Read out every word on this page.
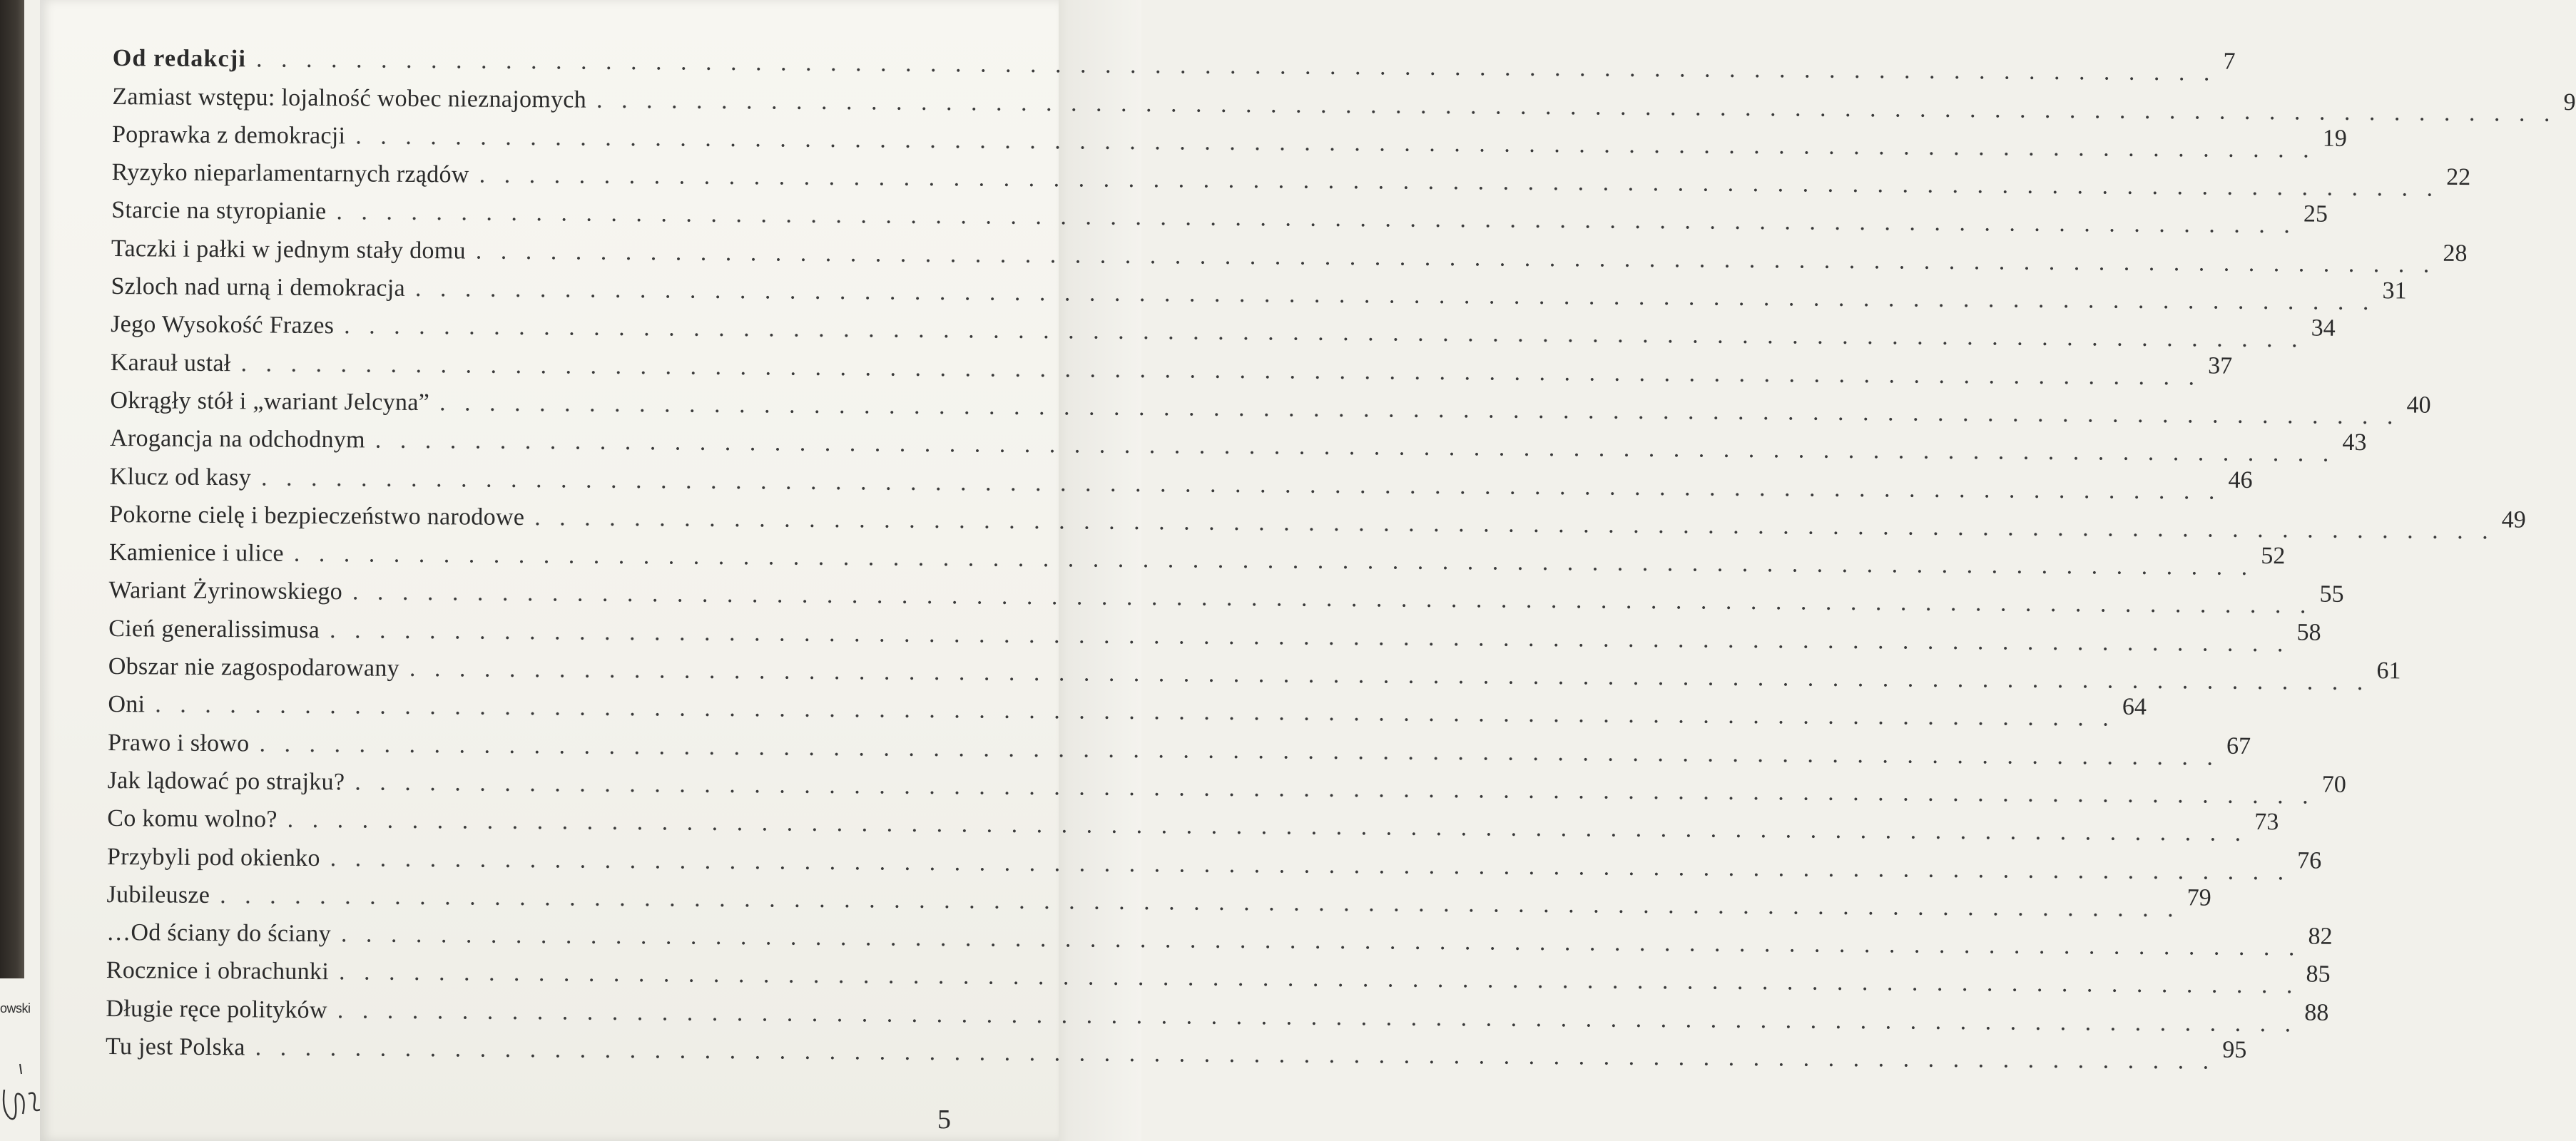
owski
Od redakcji . . . . . . . . . . . . . . . . . . . . . . . . . . . . . . . . . . . . . . . . . . . . . . . . . . . . . . . . . . . . . . . . . . . . . . . . . . . . . . . 7
Zamiast wstępu: lojalność wobec nieznajomych . . . . . . . . . . . . . . . . . . . . . . . . . . . . . . . . . . . . . . . . . . . . . . . . . . . . . . . . . . . . . . . . . . . . . . . . . . . . . . . 9
Poprawka z demokracji . . . . . . . . . . . . . . . . . . . . . . . . . . . . . . . . . . . . . . . . . . . . . . . . . . . . . . . . . . . . . . . . . . . . . . . . . . . . . . . 19
Ryzyko nieparlamentarnych rządów . . . . . . . . . . . . . . . . . . . . . . . . . . . . . . . . . . . . . . . . . . . . . . . . . . . . . . . . . . . . . . . . . . . . . . . . . . . . . . . 22
Starcie na styropianie . . . . . . . . . . . . . . . . . . . . . . . . . . . . . . . . . . . . . . . . . . . . . . . . . . . . . . . . . . . . . . . . . . . . . . . . . . . . . . . 25
Taczki i pałki w jednym stały domu . . . . . . . . . . . . . . . . . . . . . . . . . . . . . . . . . . . . . . . . . . . . . . . . . . . . . . . . . . . . . . . . . . . . . . . . . . . . . . . 28
Szloch nad urną i demokracja . . . . . . . . . . . . . . . . . . . . . . . . . . . . . . . . . . . . . . . . . . . . . . . . . . . . . . . . . . . . . . . . . . . . . . . . . . . . . . . 31
Jego Wysokość Frazes . . . . . . . . . . . . . . . . . . . . . . . . . . . . . . . . . . . . . . . . . . . . . . . . . . . . . . . . . . . . . . . . . . . . . . . . . . . . . . . 34
Karauł ustał . . . . . . . . . . . . . . . . . . . . . . . . . . . . . . . . . . . . . . . . . . . . . . . . . . . . . . . . . . . . . . . . . . . . . . . . . . . . . . . 37
Okrągły stół i „wariant Jelcyna” . . . . . . . . . . . . . . . . . . . . . . . . . . . . . . . . . . . . . . . . . . . . . . . . . . . . . . . . . . . . . . . . . . . . . . . . . . . . . . . 40
Arogancja na odchodnym . . . . . . . . . . . . . . . . . . . . . . . . . . . . . . . . . . . . . . . . . . . . . . . . . . . . . . . . . . . . . . . . . . . . . . . . . . . . . . . 43
Klucz od kasy . . . . . . . . . . . . . . . . . . . . . . . . . . . . . . . . . . . . . . . . . . . . . . . . . . . . . . . . . . . . . . . . . . . . . . . . . . . . . . . 46
Pokorne cielę i bezpieczeństwo narodowe . . . . . . . . . . . . . . . . . . . . . . . . . . . . . . . . . . . . . . . . . . . . . . . . . . . . . . . . . . . . . . . . . . . . . . . . . . . . . . . 49
Kamienice i ulice . . . . . . . . . . . . . . . . . . . . . . . . . . . . . . . . . . . . . . . . . . . . . . . . . . . . . . . . . . . . . . . . . . . . . . . . . . . . . . . 52
Wariant Żyrinowskiego . . . . . . . . . . . . . . . . . . . . . . . . . . . . . . . . . . . . . . . . . . . . . . . . . . . . . . . . . . . . . . . . . . . . . . . . . . . . . . . 55
Cień generalissimusa . . . . . . . . . . . . . . . . . . . . . . . . . . . . . . . . . . . . . . . . . . . . . . . . . . . . . . . . . . . . . . . . . . . . . . . . . . . . . . . 58
Obszar nie zagospodarowany . . . . . . . . . . . . . . . . . . . . . . . . . . . . . . . . . . . . . . . . . . . . . . . . . . . . . . . . . . . . . . . . . . . . . . . . . . . . . . . 61
Oni . . . . . . . . . . . . . . . . . . . . . . . . . . . . . . . . . . . . . . . . . . . . . . . . . . . . . . . . . . . . . . . . . . . . . . . . . . . . . . . 64
Prawo i słowo . . . . . . . . . . . . . . . . . . . . . . . . . . . . . . . . . . . . . . . . . . . . . . . . . . . . . . . . . . . . . . . . . . . . . . . . . . . . . . . 67
Jak lądować po strajku? . . . . . . . . . . . . . . . . . . . . . . . . . . . . . . . . . . . . . . . . . . . . . . . . . . . . . . . . . . . . . . . . . . . . . . . . . . . . . . . 70
Co komu wolno? . . . . . . . . . . . . . . . . . . . . . . . . . . . . . . . . . . . . . . . . . . . . . . . . . . . . . . . . . . . . . . . . . . . . . . . . . . . . . . . 73
Przybyli pod okienko . . . . . . . . . . . . . . . . . . . . . . . . . . . . . . . . . . . . . . . . . . . . . . . . . . . . . . . . . . . . . . . . . . . . . . . . . . . . . . . 76
Jubileusze . . . . . . . . . . . . . . . . . . . . . . . . . . . . . . . . . . . . . . . . . . . . . . . . . . . . . . . . . . . . . . . . . . . . . . . . . . . . . . . 79
…Od ściany do ściany . . . . . . . . . . . . . . . . . . . . . . . . . . . . . . . . . . . . . . . . . . . . . . . . . . . . . . . . . . . . . . . . . . . . . . . . . . . . . . . 82
Rocznice i obrachunki . . . . . . . . . . . . . . . . . . . . . . . . . . . . . . . . . . . . . . . . . . . . . . . . . . . . . . . . . . . . . . . . . . . . . . . . . . . . . . . 85
Długie ręce polityków . . . . . . . . . . . . . . . . . . . . . . . . . . . . . . . . . . . . . . . . . . . . . . . . . . . . . . . . . . . . . . . . . . . . . . . . . . . . . . . 88
Tu jest Polska . . . . . . . . . . . . . . . . . . . . . . . . . . . . . . . . . . . . . . . . . . . . . . . . . . . . . . . . . . . . . . . . . . . . . . . . . . . . . . . 95
5
